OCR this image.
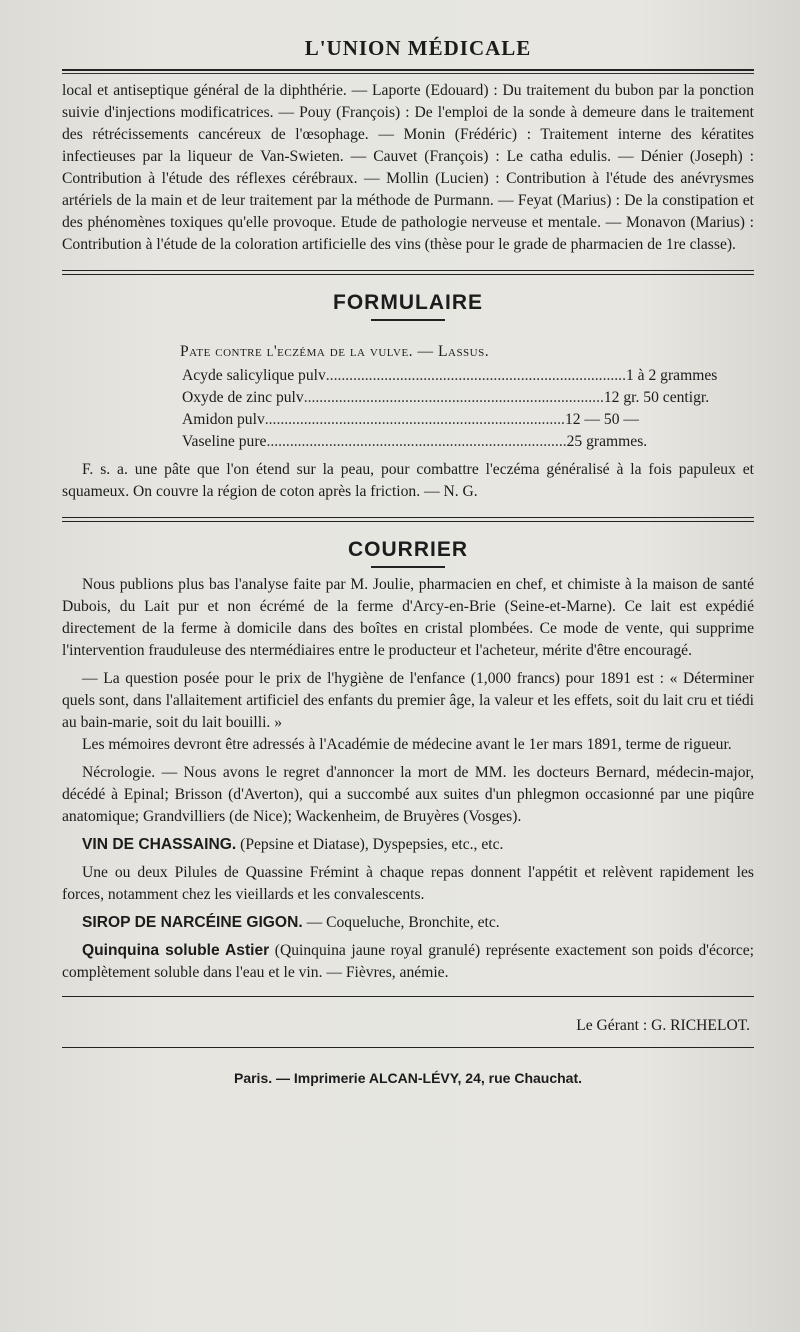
L'UNION MÉDICALE

local et antiseptique général de la diphthérie. — Laporte (Edouard) : Du traitement du bubon par la ponction suivie d'injections modificatrices. — Pouy (François) : De l'emploi de la sonde à demeure dans le traitement des rétrécissements cancéreux de l'œsophage. — Monin (Frédéric) : Traitement interne des kératites infectieuses par la liqueur de Van-Swieten. — Cauvet (François) : Le catha edulis. — Dénier (Joseph) : Contribution à l'étude des réflexes cérébraux. — Mollin (Lucien) : Contribution à l'étude des anévrysmes artériels de la main et de leur traitement par la méthode de Purmann. — Feyat (Marius) : De la constipation et des phénomènes toxiques qu'elle provoque. Etude de pathologie nerveuse et mentale. — Monavon (Marius) : Contribution à l'étude de la coloration artificielle des vins (thèse pour le grade de pharmacien de 1re classe).

FORMULAIRE

Pate contre l'eczéma de la vulve. — Lassus.

Acyde salicylique pulv ............................................................................. 1 à 2 grammes
Oxyde de zinc pulv ............................................................................. 12 gr. 50 centigr.
Amidon pulv ............................................................................. 12 — 50 —
Vaseline pure ............................................................................. 25 grammes.

F. s. a. une pâte que l'on étend sur la peau, pour combattre l'eczéma généralisé à la fois papuleux et squameux. On couvre la région de coton après la friction. — N. G.

COURRIER

Nous publions plus bas l'analyse faite par M. Joulie, pharmacien en chef, et chimiste à la maison de santé Dubois, du Lait pur et non écrémé de la ferme d'Arcy-en-Brie (Seine-et-Marne). Ce lait est expédié directement de la ferme à domicile dans des boîtes en cristal plombées. Ce mode de vente, qui supprime l'intervention frauduleuse des ntermédiaires entre le producteur et l'acheteur, mérite d'être encouragé.

— La question posée pour le prix de l'hygiène de l'enfance (1,000 francs) pour 1891 est : « Déterminer quels sont, dans l'allaitement artificiel des enfants du premier âge, la valeur et les effets, soit du lait cru et tiédi au bain-marie, soit du lait bouilli. »

Les mémoires devront être adressés à l'Académie de médecine avant le 1er mars 1891, terme de rigueur.

Nécrologie. — Nous avons le regret d'annoncer la mort de MM. les docteurs Bernard, médecin-major, décédé à Epinal; Brisson (d'Averton), qui a succombé aux suites d'un phlegmon occasionné par une piqûre anatomique; Grandvilliers (de Nice); Wackenheim, de Bruyères (Vosges).

VIN DE CHASSAING. (Pepsine et Diatase), Dyspepsies, etc., etc.

Une ou deux Pilules de Quassine Frémint à chaque repas donnent l'appétit et relèvent rapidement les forces, notamment chez les vieillards et les convalescents.

SIROP DE NARCÉINE GIGON. — Coqueluche, Bronchite, etc.

Quinquina soluble Astier (Quinquina jaune royal granulé) représente exactement son poids d'écorce; complètement soluble dans l'eau et le vin. — Fièvres, anémie.

Le Gérant : G. RICHELOT.

Paris. — Imprimerie ALCAN-LÉVY, 24, rue Chauchat.
